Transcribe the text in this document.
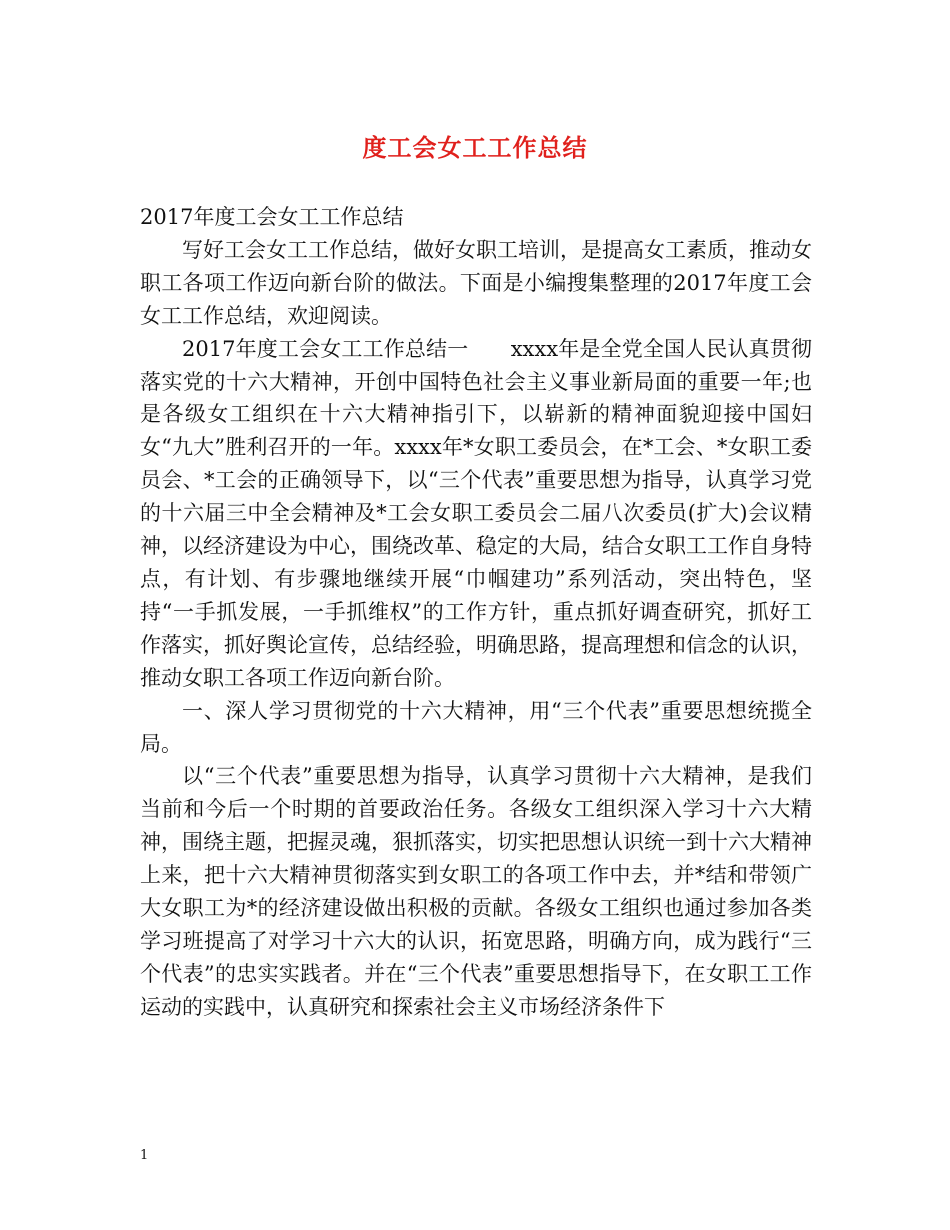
度工会女工工作总结

2017年度工会女工工作总结

写好工会女工工作总结，做好女职工培训，是提高女工素质，推动女职工各项工作迈向新台阶的做法。下面是小编搜集整理的2017年度工会女工工作总结，欢迎阅读。

2017年度工会女工工作总结一　　xxxx年是全党全国人民认真贯彻落实党的十六大精神，开创中国特色社会主义事业新局面的重要一年;也是各级女工组织在十六大精神指引下，以崭新的精神面貌迎接中国妇女“九大”胜利召开的一年。xxxx年*女职工委员会，在*工会、*女职工委员会、*工会的正确领导下，以“三个代表”重要思想为指导，认真学习党的十六届三中全会精神及*工会女职工委员会二届八次委员(扩大)会议精神，以经济建设为中心，围绕改革、稳定的大局，结合女职工工作自身特点，有计划、有步骤地继续开展“巾帼建功”系列活动，突出特色，坚持“一手抓发展，一手抓维权”的工作方针，重点抓好调查研究，抓好工作落实，抓好舆论宣传，总结经验，明确思路，提高理想和信念的认识，推动女职工各项工作迈向新台阶。

一、深人学习贯彻党的十六大精神，用“三个代表”重要思想统揽全局。

以“三个代表”重要思想为指导，认真学习贯彻十六大精神，是我们当前和今后一个时期的首要政治任务。各级女工组织深入学习十六大精神，围绕主题，把握灵魂，狠抓落实，切实把思想认识统一到十六大精神上来，把十六大精神贯彻落实到女职工的各项工作中去，并*结和带领广大女职工为*的经济建设做出积极的贡献。各级女工组织也通过参加各类学习班提高了对学习十六大的认识，拓宽思路，明确方向，成为践行“三个代表”的忠实实践者。并在“三个代表”重要思想指导下，在女职工工作运动的实践中，认真研究和探索社会主义市场经济条件下

1
